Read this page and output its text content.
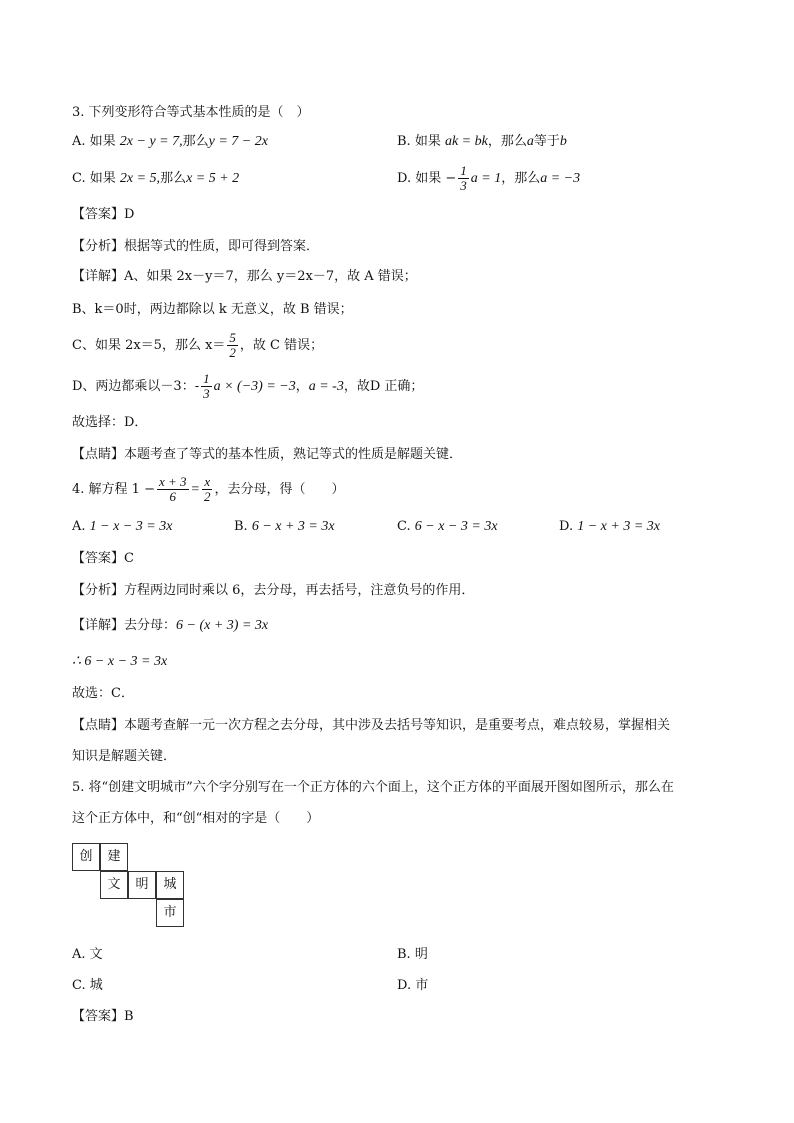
3. 下列变形符合等式基本性质的是（　）
A. 如果 2x − y = 7,那么y = 7 − 2x	B. 如果 ak = bk，那么a等于b
C. 如果 2x = 5,那么x = 5 + 2	D. 如果 − $\frac{1}{3}$ a = 1，那么a = −3
【答案】D
【分析】根据等式的性质，即可得到答案．
【详解】A、如果 2x－y＝7，那么 y＝2x－7，故 A 错误；
B、k＝0时，两边都除以 k 无意义，故 B 错误；
C、如果 2x＝5，那么 $x= \frac{5}{2}$ ，故 C 错误；
D、两边都乘以－3：- $\frac{1}{3}$ a × (−3) = −3，a = -3，故D 正确；
故选择：D．
【点睛】本题考查了等式的基本性质，熟记等式的性质是解题关键．
4. 解方程 $1 - \frac{x + 3}{6} = \frac{x}{2}$ ，去分母，得（　　）
A. 1 − x − 3 = 3x	B. 6 − x + 3 = 3x	C. 6 − x − 3 = 3x	D. 1 − x + 3 = 3x
【答案】C
【分析】方程两边同时乘以 6，去分母，再去括号，注意负号的作用．
【详解】去分母：6 − (x + 3) = 3x
∴ 6 − x − 3 = 3x
故选：C．
【点睛】本题考查解一元一次方程之去分母，其中涉及去括号等知识，是重要考点，难点较易，掌握相关
知识是解题关键．
5. 将“创建文明城市”六个字分别写在一个正方体的六个面上，这个正方体的平面展开图如图所示，那么在
这个正方体中，和“创“相对的字是（　　）
创	建
文	明	城
市
A. 文	B. 明
C. 城	D. 市
【答案】B
